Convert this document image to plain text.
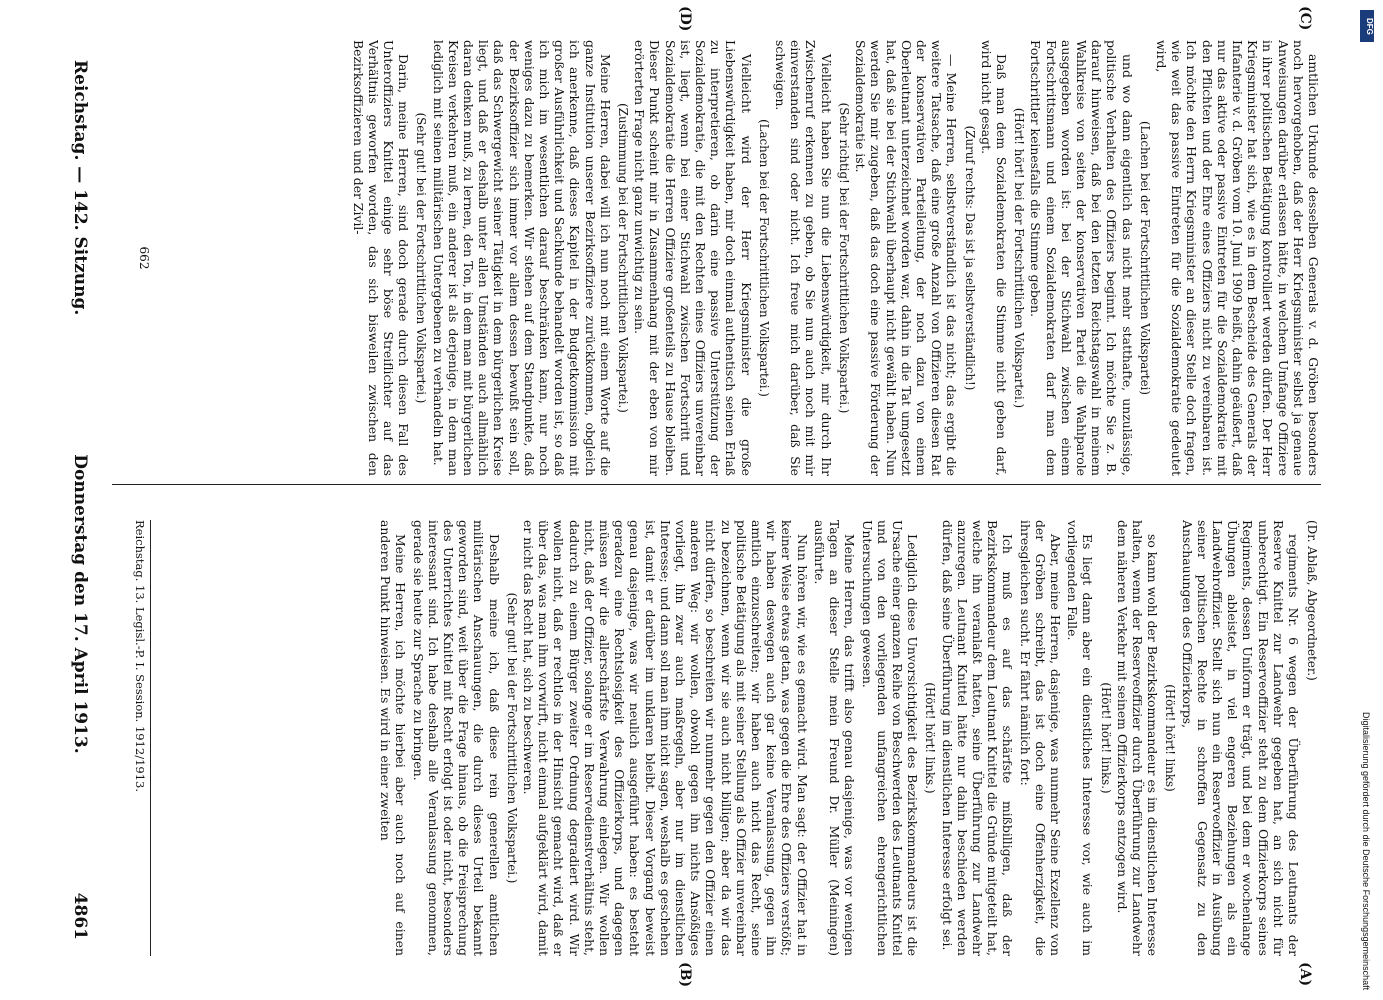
Reichstag. — 142. Sitzung.
Donnerstag den 17. April 1913.
4861
(Dr. Ablaß, Abgeordneter.)

regiments Nr. 6 wegen der Überführung des Leutnants der Reserve Knittel zur Landwehr gegeben hat, an sich nicht für unberechtigt. Ein Reserveoffizier steht zu dem Offizierkorps seines Regiments, dessen Uniform er trägt, und bei dem er wochenlange Übungen ableistet, in viel engeren Beziehungen als ein Landwehroffizier. Stellt sich nun ein Reserveoffizier in Ausübung seiner politischen Rechte in schroffen Gegensatz zu den Anschauungen des Offizierkorps,

(Hört! hört! links)

so kann wohl der Bezirkskommandeur es im dienstlichen Interesse halten, wenn der Reserveoffizier durch Überführung zur Landwehr dem näheren Verkehr mit seinem Offizierkorps entzogen wird.

(Hört! hört! links.)

Es liegt dann aber ein dienstliches Interesse vor, wie auch im vorliegenden Falle.

Aber, meine Herren, dasjenige, was nunmehr Seine Exzellenz von der Gröben schreibt, das ist doch eine Offenherzigkeit, die ihresgleichen sucht. Er fährt nämlich fort:

Ich muß es auf das schärfste mißbilligen, daß der Bezirkskommandeur dem Leutnant Knittel die Gründe mitgeteilt hat, welche ihn veranlaßt hatten, seine Überführung zur Landwehr anzuregen. Leutnant Knittel hätte nur dahin beschieden werden dürfen, daß seine Überführung im dienstlichen Interesse erfolgt sei.

(Hört! hört! links.)

Lediglich diese Unvorsichtigkeit des Bezirkskommandeurs ist die Ursache einer ganzen Reihe von Beschwerden des Leutnants Knittel und von den vorliegenden unfangreichen ehrengerichtlichen Untersuchungen gewesen.

Meine Herren, das trifft also genau dasjenige, was vor wenigen Tagen an dieser Stelle mein Freund Dr. Müller (Meiningen) ausführte.

Nun hören wir, wie es gemacht wird. Man sagt: der Offizier hat in keiner Weise etwas getan, was gegen die Ehre des Offiziers verstößt; wir haben deswegen auch gar keine Veranlassung, gegen ihn amtlich einzuschreiten; wir haben auch nicht das Recht, seine politische Betätigung als mit seiner Stellung als Offizier unvereinbar zu bezeichnen, wenn wir sie auch nicht billigen; aber da wir das nicht dürfen, so beschreiten wir nunmehr gegen den Offizier einen anderen Weg: wir wollen, obwohl gegen ihn nichts Ansößiges vorliegt, ihn zwar auch maßregeln, aber nur im dienstlichen Interesse; und dann soll man ihm nicht sagen, weshalb es geschehen ist, damit er darüber im unklaren bleibt. Dieser Vorgang beweist genau dasjenige, was wir neulich ausgeführt haben: es besteht geradezu eine Rechtslosigkeit des Offizierkorps, und dagegen müssen wir die allerschärfste Verwahrung einlegen. Wir wollen nicht, daß der Offizier, solange er im Reservedienstverhältnis steht, dadurch zu einem Bürger zweiter Ordnung degradiert wird. Wir wollen nicht, daß er rechtlos in der Hinsicht gemacht wird, daß er über das, was man ihm vorwirft, nicht einmal aufgeklärt wird, damit er nicht das Recht hat, sich zu beschweren.

(Sehr gut! bei der Fortschrittlichen Volkspartei.)

Deshalb meine ich, daß diese rein generellen amtlichen militärischen Anschauungen, die durch dieses Urteil bekannt geworden sind, weit über die Frage hinaus, ob die Freisprechung des Unterrichtes Knittel mit Recht erfolgt ist oder nicht, besonders interessant sind. Ich habe deshalb alle Veranlassung genommen, gerade sie heute zur Sprache zu bringen.

Meine Herren, ich möchte hierbei aber auch noch auf einen anderen Punkt hinweisen. Es wird in einer zweiten

amtlichen Urkunde desselben Generals v. d. Gröben besonders noch hervorgehoben, daß der Herr Kriegsminister selbst ja genaue Anweisungen darüber erlassen hätte, in welchem Umfange Offiziere in ihrer politischen Betätigung kontrolliert werden dürfen. Der Herr Kriegsminister hat sich, wie es in dem Bescheide des Generals der Infanterie v. d. Gröben vom 10. Juni 1909 heißt, dahin geäußert, daß nur das aktive oder passive Eintreten für die Sozialdemokratie mit den Pflichten und der Ehre eines Offiziers nicht zu vereinbaren ist. Ich möchte den Herrn Kriegsminister an dieser Stelle doch fragen, wie weit das passive Eintreten für die Sozialdemokratie gedeutet wird,

(Lachen bei der Fortschrittlichen Volkspartei)

und wo dann eigentlich das nicht mehr statthafte, unzulässige, politische Verhalten des Offiziers beginnt. Ich möchte Sie z. B. darauf hinweisen, daß bei den letzten Reichstagswahl in meinem Wahlkreise von seiten der konservativen Partei die Wahlparole ausgegeben worden ist: bei der Stichwahl zwischen einem Fortschrittsmann und einem Sozialdemokraten darf man dem Fortschrittler keinesfalls die Stimme geben.

(Hört! hört! bei der Fortschrittlichen Volkspartei.)

Daß man dem Sozialdemokraten die Stimme nicht geben darf, wird nicht gesagt.

(Zuruf rechts: Das ist ja selbstverständlich!)

— Meine Herren, selbstverständlich ist das nicht; das ergibt die weitere Tatsache, daß eine große Anzahl von Offizieren diesen Rat der konservativen Parteileitung, der noch dazu von einem Oberleutnant unterzeichnet worden war, dahin in die Tat umgesetzt hat, daß sie bei der Stichwahl überhaupt nicht gewählt haben. Nun werden Sie mir zugeben, daß das doch eine passive Förderung der Sozialdemokratie ist.

(Sehr richtig! bei der Fortschrittlichen Volkspartei.)

Vielleicht haben Sie nun die Liebenswürdigkeit, mir durch Ihr Zwischenruf erkennen zu geben, ob Sie nun auch noch mit mir einverstanden sind oder nicht. Ich freue mich darüber, daß Sie schweigen.

(Lachen bei der Fortschrittlichen Volkspartei.)

Vielleicht wird der Herr Kriegsminister die große Liebenswürdigkeit haben, mir doch einmal authentisch seinen Erlaß zu interpretieren, ob darin eine passive Unterstützung der Sozialdemokratie, die mit den Rechten eines Offiziers unvereinbar ist, liegt, wenn bei einer Stichwahl zwischen Fortschritt und Sozialdemokratie die Herren Offiziere großenteils zu Hause bleiben. Dieser Punkt scheint mir in Zusammenhang mit der eben von mir erörterten Frage nicht ganz unwichtig zu sein.

(Zustimmung bei der Fortschrittlichen Volkspartei.)

Meine Herren, dabei will ich nun noch mit einem Worte auf die ganze Institution unserer Bezirksoffiziere zurückkommen, obgleich ich anerkenne, daß dieses Kapitel in der Budgetkommission mit großer Ausführlichkeit und Sachkunde behandelt worden ist, so daß ich mich im wesentlichen darauf beschränken kann, nur noch weniges dazu zu bemerken. Wir stehen auf dem Standpunkte, daß der Bezirksoffizier sich immer vor allem dessen bewußt sein soll, daß das Schwergewicht seiner Tätigkeit in dem bürgerlichen Kreise liegt, und daß er deshalb unter allen Umständen auch allmählich daran denken muß, zu lernen, den Ton, in dem man mit bürgerlichen Kreisen verkehren muß, ein anderer ist als derjenige, in dem man lediglich mit seinen militärischen Untergebenen zu verhandeln hat.

(Sehr gut! bei der Fortschrittlichen Volkspartei.)

Darin, meine Herren, sind doch gerade durch diesen Fall des Unteroffiziers Knittel einige sehr böse Streiflichter auf das Verhältnis geworfen worden, das sich bisweilen zwischen den Bezirksoffizieren und der Zivil-

Reichstag. 13. Legisl.-P. I. Session. 1912/1913.
662
(A)
(B)
(C)
(D)
Digitalisierung gefördert durch die Deutsche Forschungsgemeinschaft
DFG
